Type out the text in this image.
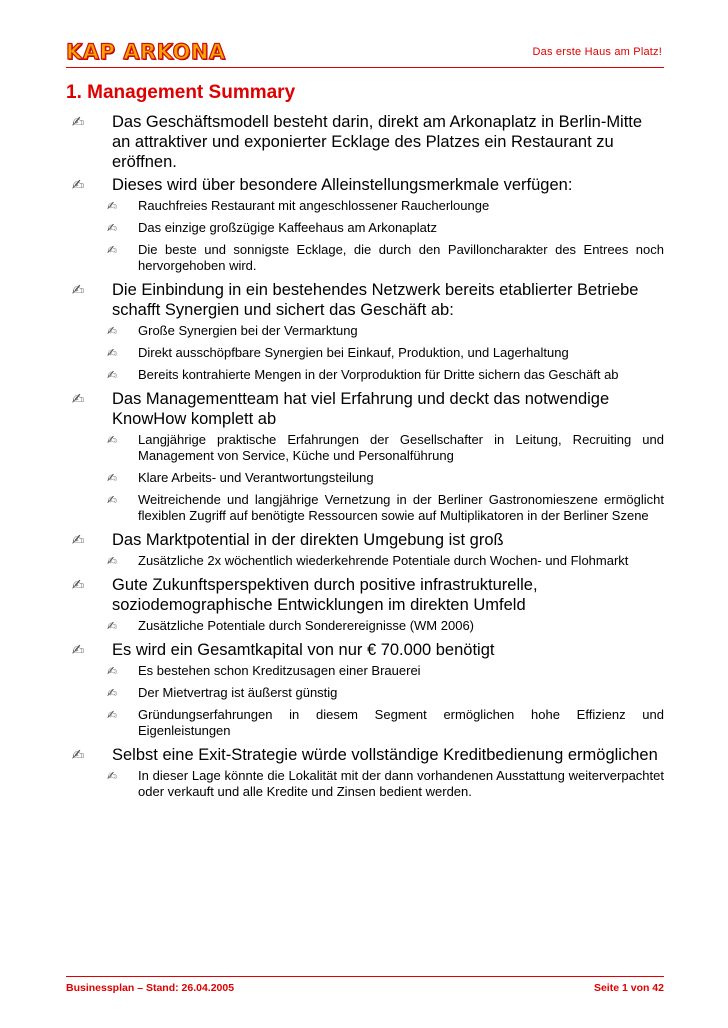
KAP ARKONA	Das erste Haus am Platz!
1. Management Summary
✍	Das Geschäftsmodell besteht darin, direkt am Arkonaplatz in Berlin-Mitte an attraktiver und exponierter Ecklage des Platzes ein Restaurant zu eröffnen.
✍	Dieses wird über besondere Alleinstellungsmerkmale verfügen:
✍	Rauchfreies Restaurant mit angeschlossener Raucherlounge
✍	Das einzige großzügige Kaffeehaus am Arkonaplatz
✍	Die beste und sonnigste Ecklage, die durch den Pavilloncharakter des Entrees noch hervorgehoben wird.
✍	Die Einbindung in ein bestehendes Netzwerk bereits etablierter Betriebe schafft Synergien und sichert das Geschäft ab:
✍	Große Synergien bei der Vermarktung
✍	Direkt ausschöpfbare Synergien bei Einkauf, Produktion, und Lagerhaltung
✍	Bereits kontrahierte Mengen in der Vorproduktion für Dritte sichern das Geschäft ab
✍	Das Managementteam hat viel Erfahrung und deckt das notwendige KnowHow komplett ab
✍	Langjährige praktische Erfahrungen der Gesellschafter in Leitung, Recruiting und Management von Service, Küche und Personalführung
✍	Klare Arbeits- und Verantwortungsteilung
✍	Weitreichende und langjährige Vernetzung in der Berliner Gastronomieszene ermöglicht flexiblen Zugriff auf benötigte Ressourcen sowie auf Multiplikatoren in der Berliner Szene
✍	Das Marktpotential in der direkten Umgebung ist groß
✍	Zusätzliche 2x wöchentlich wiederkehrende Potentiale durch Wochen- und Flohmarkt
✍	Gute Zukunftsperspektiven durch positive infrastrukturelle, soziodemographische Entwicklungen im direkten Umfeld
✍	Zusätzliche Potentiale durch Sonderereignisse (WM 2006)
✍	Es wird ein Gesamtkapital von nur € 70.000 benötigt
✍	Es bestehen schon Kreditzusagen einer Brauerei
✍	Der Mietvertrag ist äußerst günstig
✍	Gründungserfahrungen in diesem Segment ermöglichen hohe Effizienz und Eigenleistungen
✍	Selbst eine Exit-Strategie würde vollständige Kreditbedienung ermöglichen
✍	In dieser Lage könnte die Lokalität mit der dann vorhandenen Ausstattung weiterverpachtet oder verkauft und alle Kredite und Zinsen bedient werden.
Businessplan – Stand: 26.04.2005	Seite 1 von 42
